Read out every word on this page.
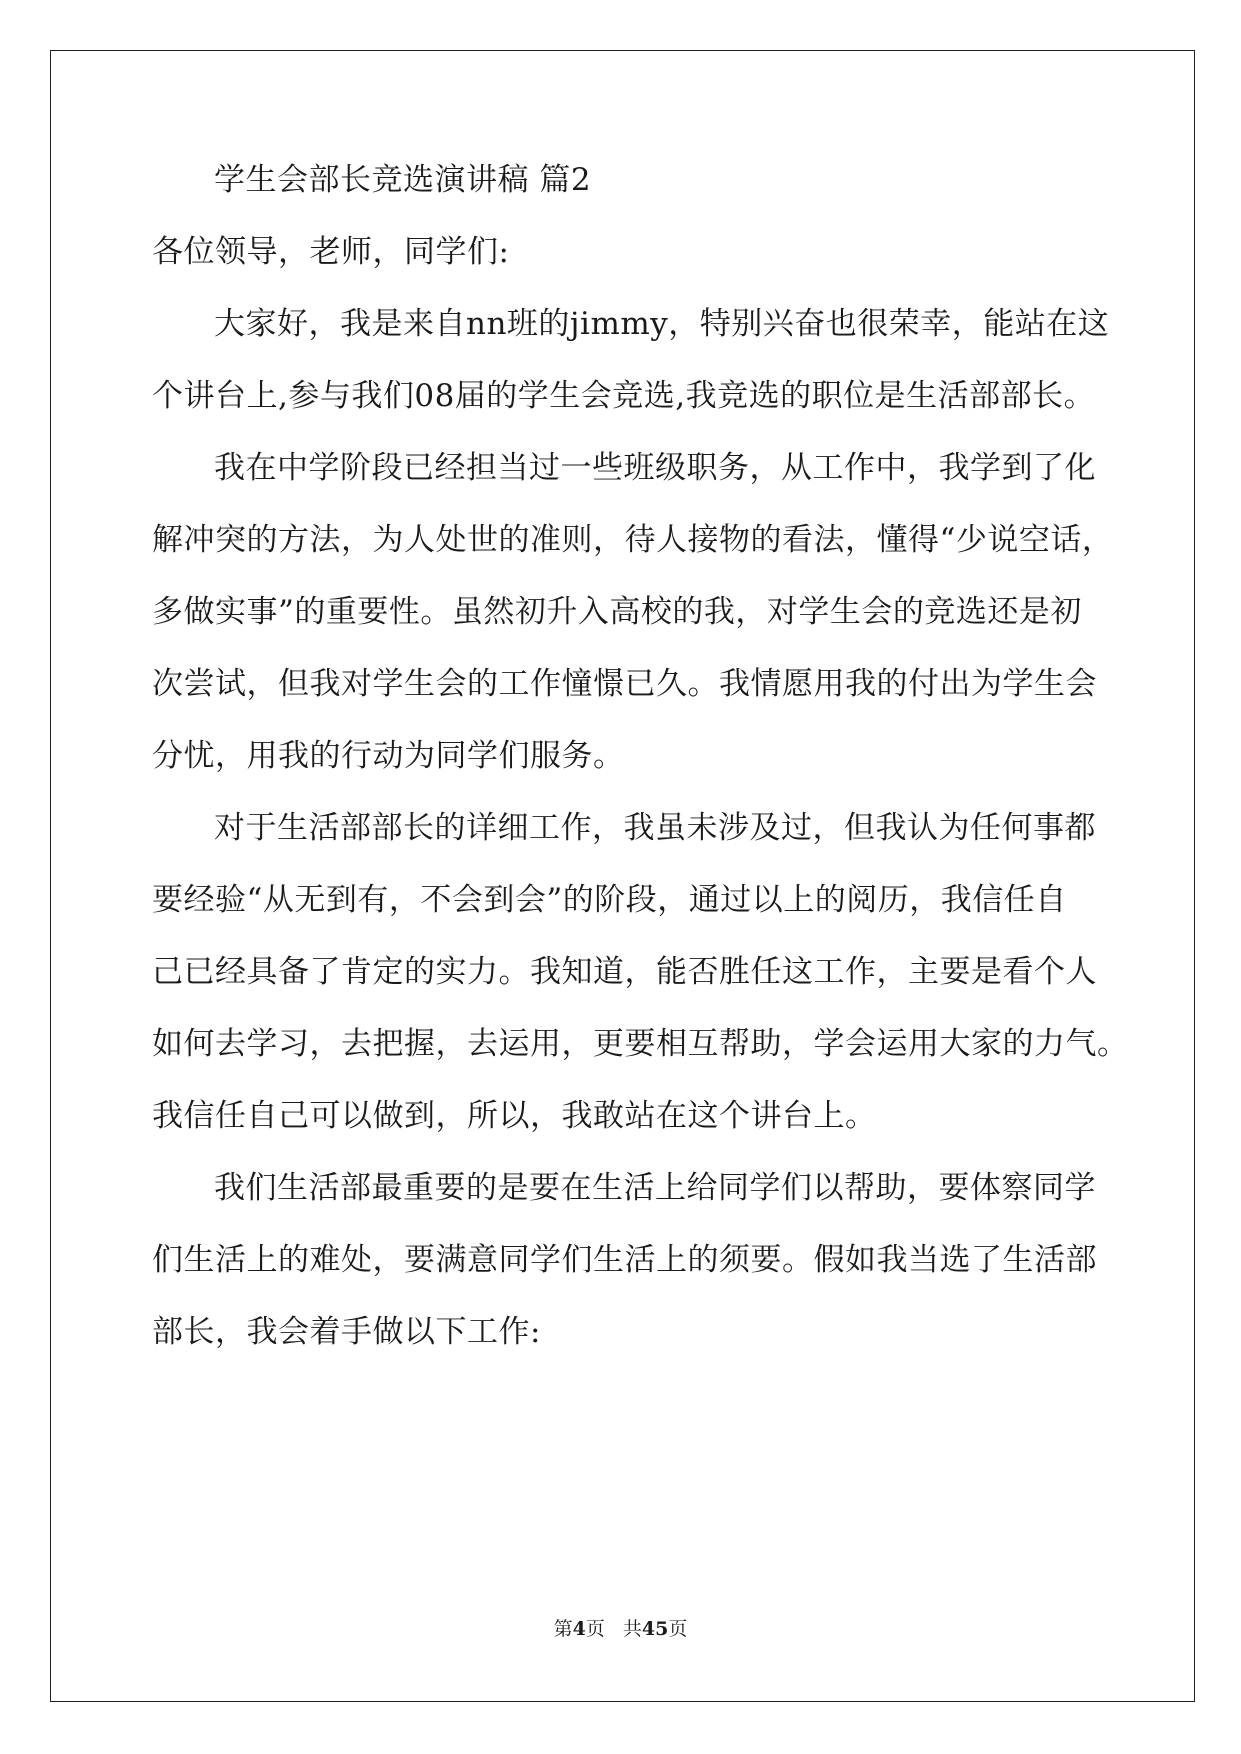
学生会部长竞选演讲稿 篇2
各位领导，老师，同学们:
大家好，我是来自nn班的jimmy，特别兴奋也很荣幸，能站在这
个讲台上,参与我们08届的学生会竞选,我竞选的职位是生活部部长。
我在中学阶段已经担当过一些班级职务，从工作中，我学到了化
解冲突的方法，为人处世的准则，待人接物的看法，懂得“少说空话，
多做实事”的重要性。虽然初升入高校的我，对学生会的竞选还是初
次尝试，但我对学生会的工作憧憬已久。我情愿用我的付出为学生会
分忧，用我的行动为同学们服务。
对于生活部部长的详细工作，我虽未涉及过，但我认为任何事都
要经验“从无到有，不会到会”的阶段，通过以上的阅历，我信任自
己已经具备了肯定的实力。我知道，能否胜任这工作，主要是看个人
如何去学习，去把握，去运用，更要相互帮助，学会运用大家的力气。
我信任自己可以做到，所以，我敢站在这个讲台上。
我们生活部最重要的是要在生活上给同学们以帮助，要体察同学
们生活上的难处，要满意同学们生活上的须要。假如我当选了生活部
部长，我会着手做以下工作:
第4页 共45页
